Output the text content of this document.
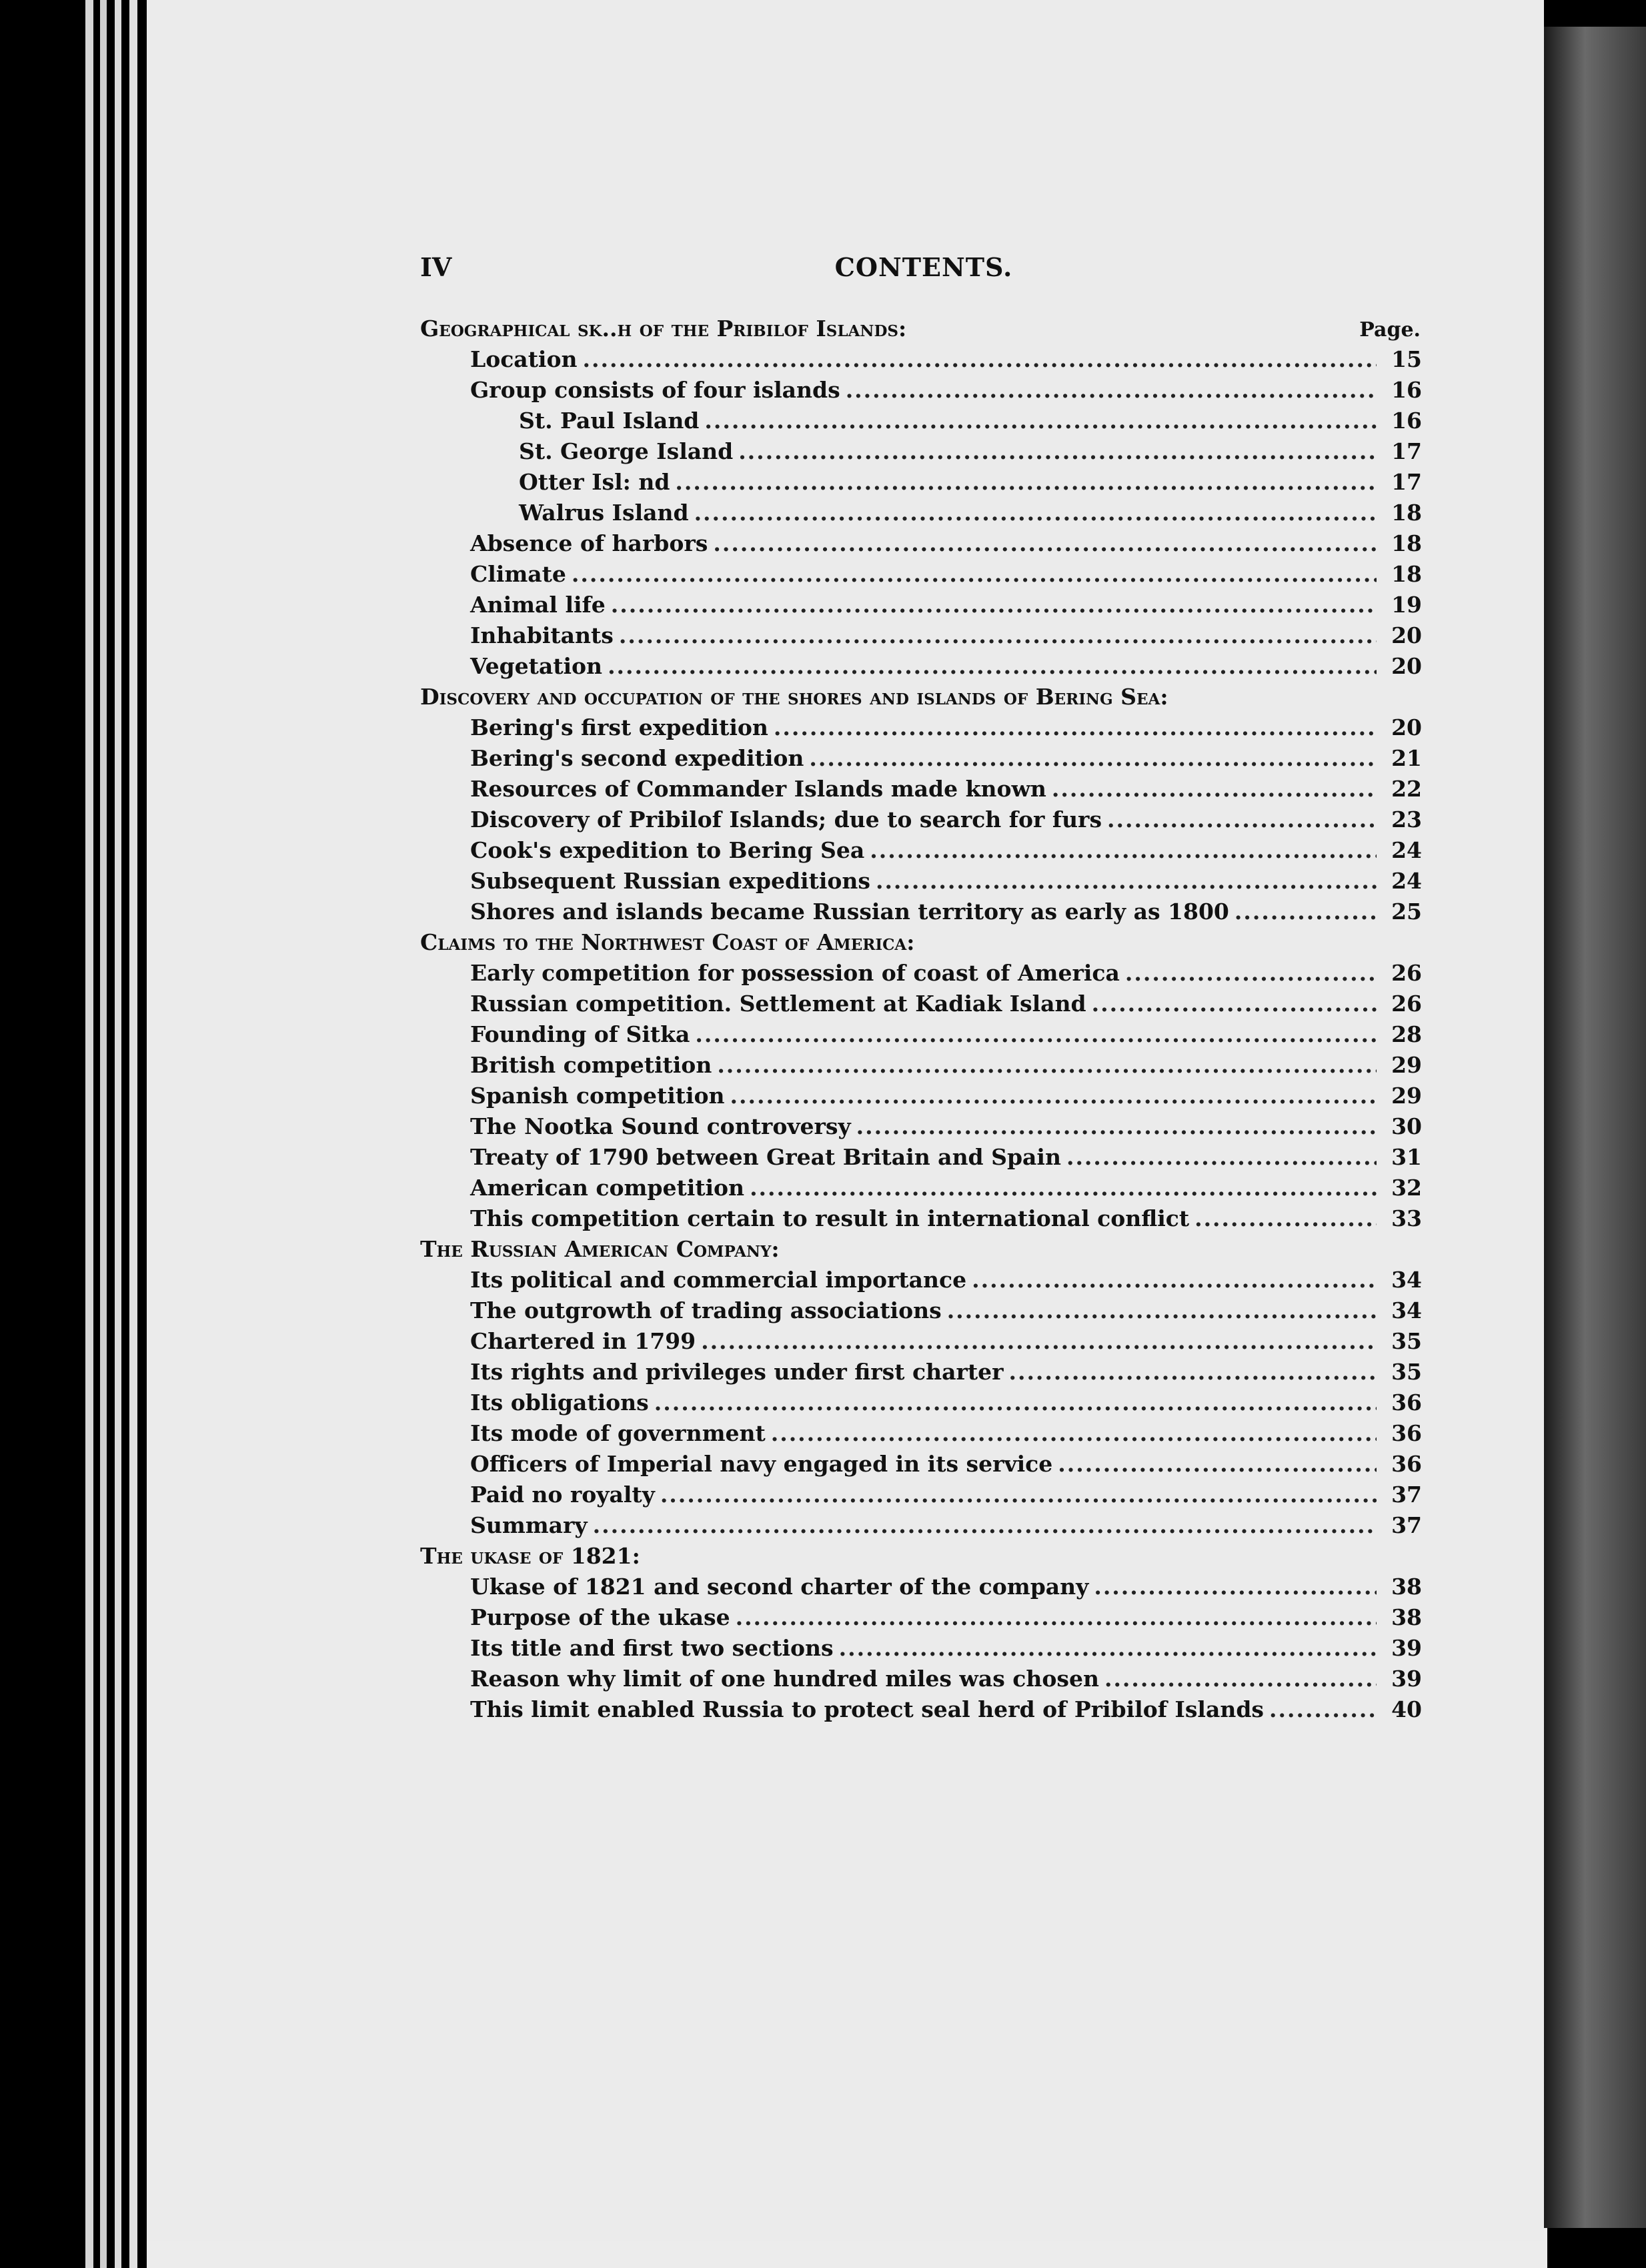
IV	CONTENTS.
Geographical sk..h of the Pribilof Islands:	Page.
Location .....	15
Group consists of four islands .....	16
St. Paul Island .....	16
St. George Island .....	17
Otter Isl: nd .....	17
Walrus Island .....	18
Absence of harbors .....	18
Climate .....	18
Animal life .....	19
Inhabitants .....	20
Vegetation .....	20
Discovery and occupation of the shores and islands of Bering Sea:
Bering's first expedition .....	20
Bering's second expedition .....	21
Resources of Commander Islands made known .....	22
Discovery of Pribilof Islands; due to search for furs .....	23
Cook's expedition to Bering Sea .....	24
Subsequent Russian expeditions .....	24
Shores and islands became Russian territory as early as 1800 .....	25
Claims to the Northwest Coast of America:
Early competition for possession of coast of America .....	26
Russian competition. Settlement at Kadiak Island .....	26
Founding of Sitka .....	28
British competition .....	29
Spanish competition .....	29
The Nootka Sound controversy .....	30
Treaty of 1790 between Great Britain and Spain .....	31
American competition .....	32
This competition certain to result in international conflict .....	33
The Russian American Company:
Its political and commercial importance .....	34
The outgrowth of trading associations .....	34
Chartered in 1799 .....	35
Its rights and privileges under first charter .....	35
Its obligations .....	36
Its mode of government .....	36
Officers of Imperial navy engaged in its service .....	36
Paid no royalty .....	37
Summary .....	37
The ukase of 1821:
Ukase of 1821 and second charter of the company .....	38
Purpose of the ukase .....	38
Its title and first two sections .....	39
Reason why limit of one hundred miles was chosen .....	39
This limit enabled Russia to protect seal herd of Pribilof Islands .....	40
